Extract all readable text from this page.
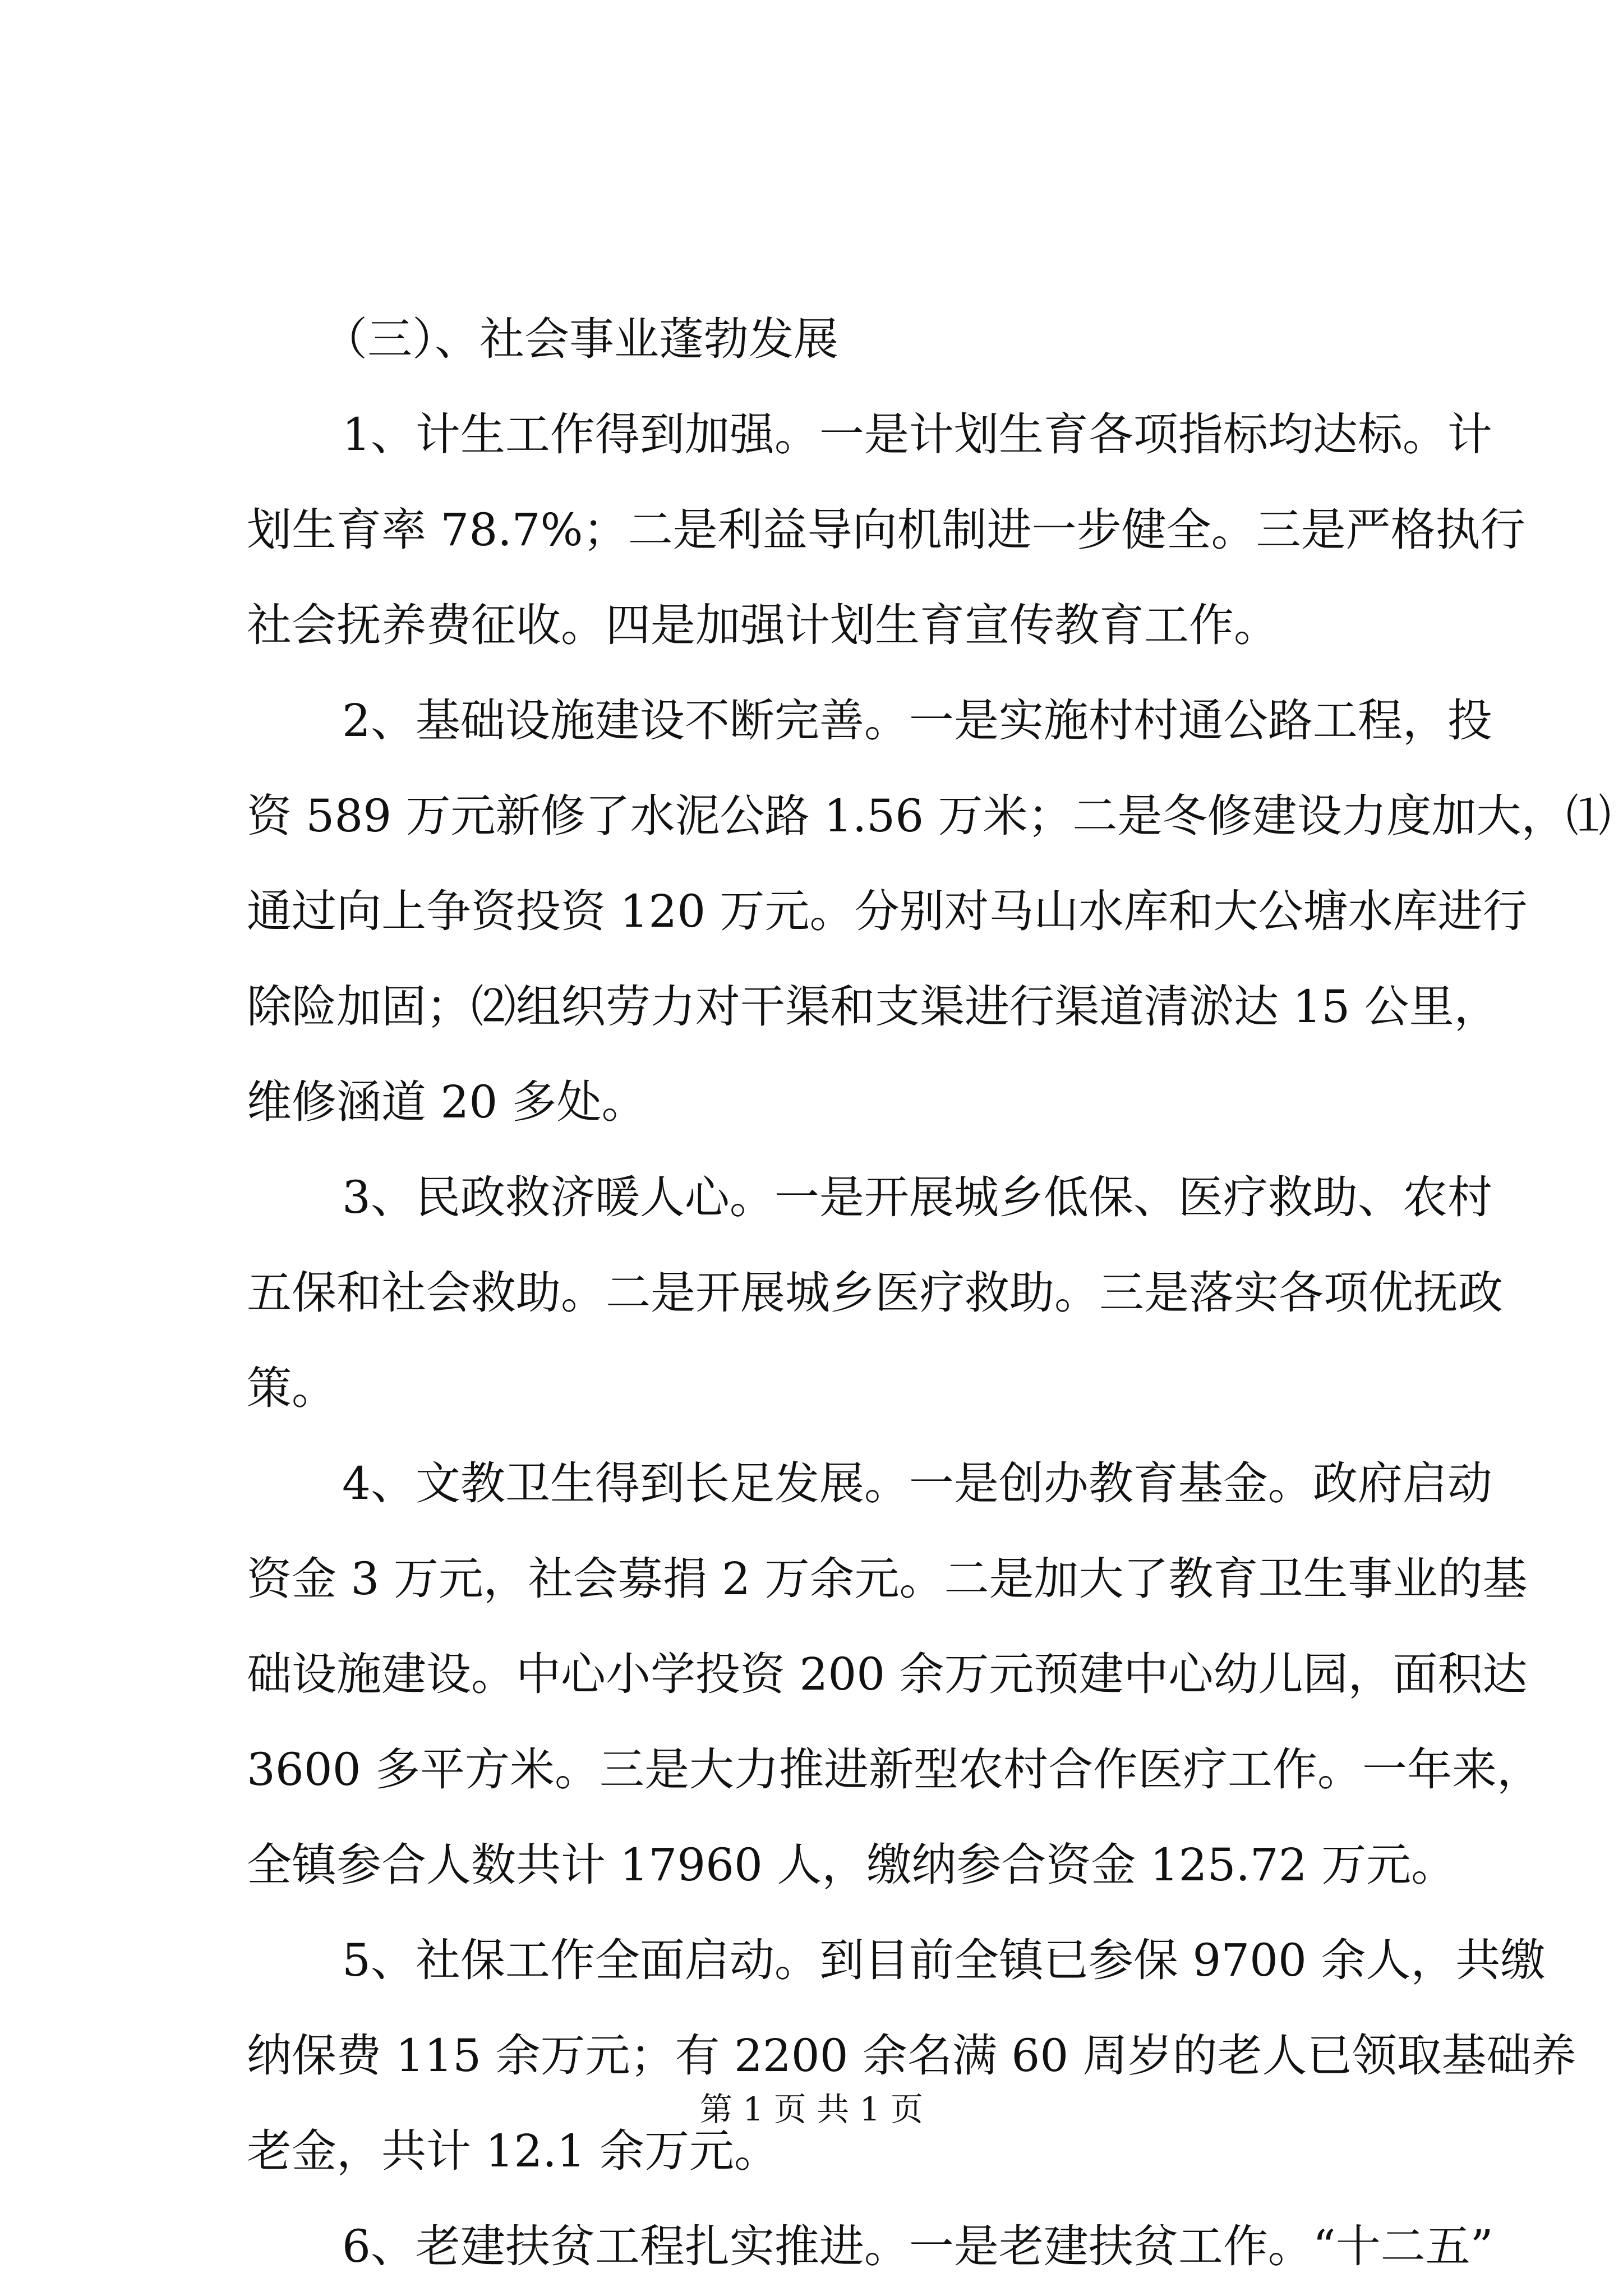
（三）、社会事业蓬勃发展
1、计生工作得到加强。一是计划生育各项指标均达标。计
划生育率 78.7%；二是利益导向机制进一步健全。三是严格执行
社会抚养费征收。四是加强计划生育宣传教育工作。
2、基础设施建设不断完善。一是实施村村通公路工程，投
资 589 万元新修了水泥公路 1.56 万米；二是冬修建设力度加大，⑴
通过向上争资投资 120 万元。分别对马山水库和大公塘水库进行
除险加固；⑵组织劳力对干渠和支渠进行渠道清淤达 15 公里，
维修涵道 20 多处。
3、民政救济暖人心。一是开展城乡低保、医疗救助、农村
五保和社会救助。二是开展城乡医疗救助。三是落实各项优抚政
策。
4、文教卫生得到长足发展。一是创办教育基金。政府启动
资金 3 万元，社会募捐 2 万余元。二是加大了教育卫生事业的基
础设施建设。中心小学投资 200 余万元预建中心幼儿园，面积达
3600 多平方米。三是大力推进新型农村合作医疗工作。一年来，
全镇参合人数共计 17960 人，缴纳参合资金 125.72 万元。
5、社保工作全面启动。到目前全镇已参保 9700 余人，共缴
纳保费 115 余万元；有 2200 余名满 60 周岁的老人已领取基础养
老金，共计 12.1 余万元。
6、老建扶贫工程扎实推进。一是老建扶贫工作。“十二五”
第 1 页 共 1 页
